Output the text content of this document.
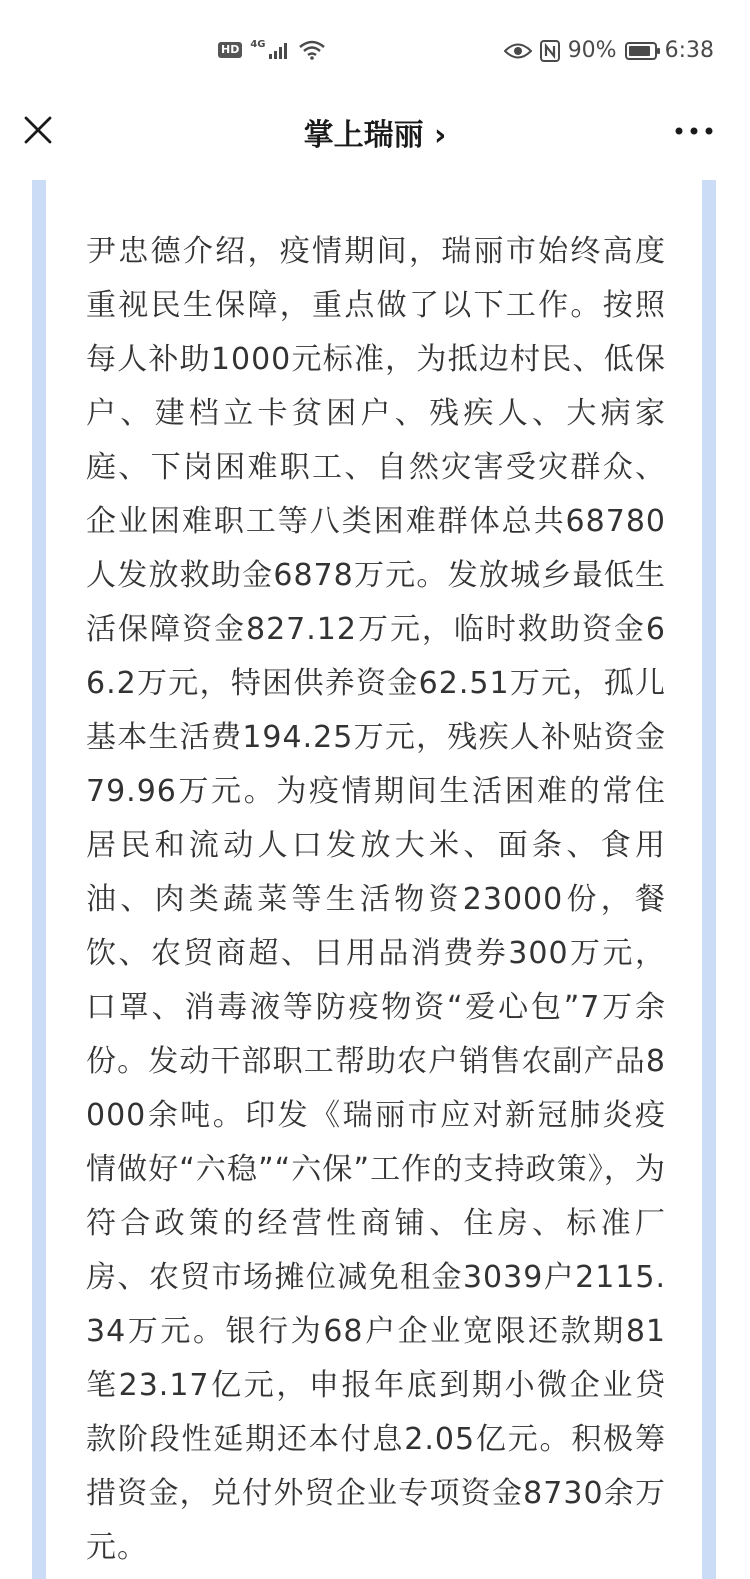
HD	4G	90% 6:38
掌上瑞丽 ›

尹忠德介绍，疫情期间，瑞丽市始终高度重视民生保障，重点做了以下工作。按照每人补助1000元标准，为抵边村民、低保户、建档立卡贫困户、残疾人、大病家庭、下岗困难职工、自然灾害受灾群众、企业困难职工等八类困难群体总共68780人发放救助金6878万元。发放城乡最低生活保障资金827.12万元，临时救助资金66.2万元，特困供养资金62.51万元，孤儿基本生活费194.25万元，残疾人补贴资金79.96万元。为疫情期间生活困难的常住居民和流动人口发放大米、面条、食用油、肉类蔬菜等生活物资23000份，餐饮、农贸商超、日用品消费券300万元，口罩、消毒液等防疫物资“爱心包”7万余份。发动干部职工帮助农户销售农副产品8000余吨。印发《瑞丽市应对新冠肺炎疫情做好“六稳”“六保”工作的支持政策》，为符合政策的经营性商铺、住房、标准厂房、农贸市场摊位减免租金3039户2115.34万元。银行为68户企业宽限还款期81笔23.17亿元，申报年底到期小微企业贷款阶段性延期还本付息2.05亿元。积极筹措资金，兑付外贸企业专项资金8730余万元。
